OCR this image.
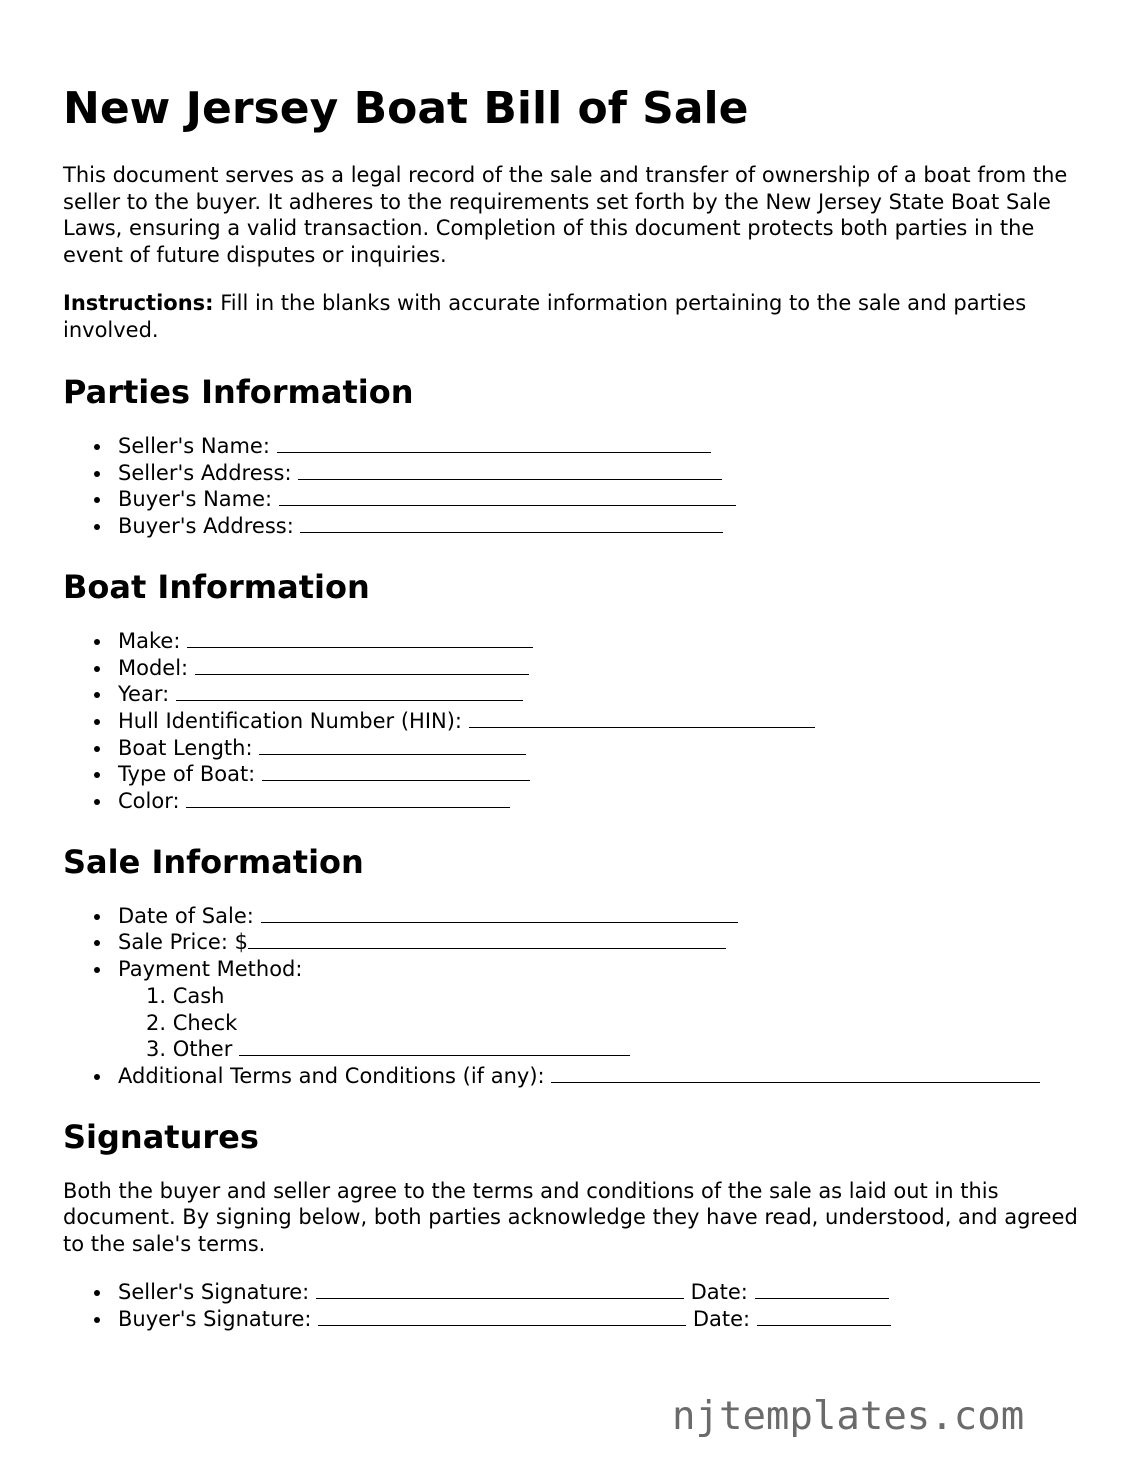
New Jersey Boat Bill of Sale

This document serves as a legal record of the sale and transfer of ownership of a boat from the seller to the buyer. It adheres to the requirements set forth by the New Jersey State Boat Sale Laws, ensuring a valid transaction. Completion of this document protects both parties in the event of future disputes or inquiries.

Instructions: Fill in the blanks with accurate information pertaining to the sale and parties involved.

Parties Information
Seller's Name:
Seller's Address:
Buyer's Name:
Buyer's Address:
Boat Information
Make:
Model:
Year:
Hull Identification Number (HIN):
Boat Length:
Type of Boat:
Color:
Sale Information
Date of Sale:
Sale Price: $
Payment Method:
1. Cash
2. Check
3. Other
Additional Terms and Conditions (if any):
Signatures

Both the buyer and seller agree to the terms and conditions of the sale as laid out in this document. By signing below, both parties acknowledge they have read, understood, and agreed to the sale's terms.

Seller's Signature:	Date:
Buyer's Signature:	Date:
njtemplates.com
